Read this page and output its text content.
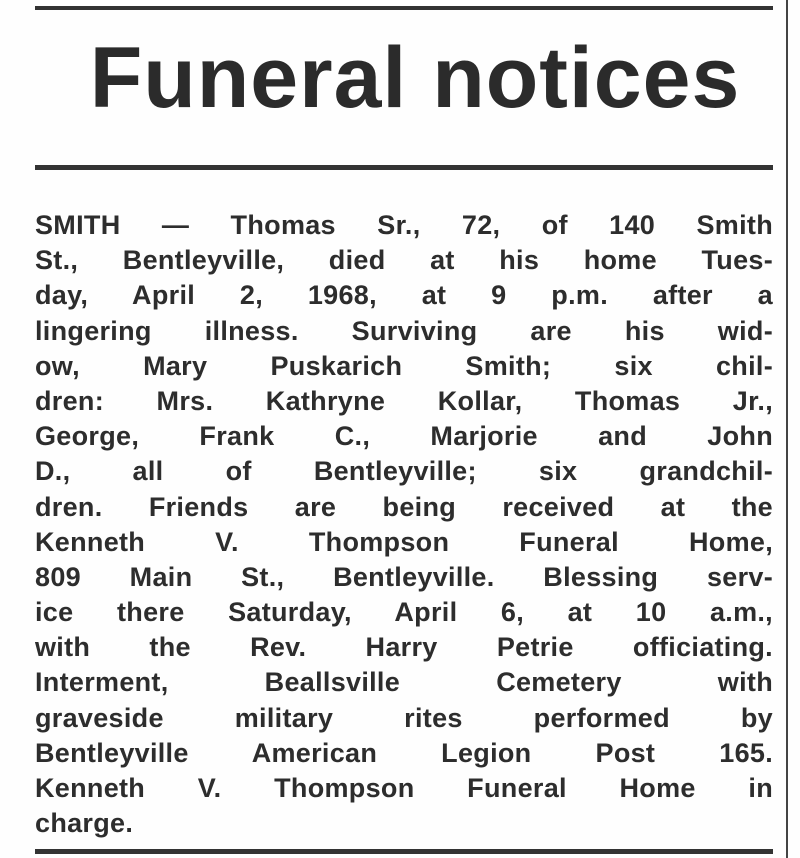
Funeral notices
SMITH — Thomas Sr., 72, of 140 Smith
St., Bentleyville, died at his home Tues-
day, April 2, 1968, at 9 p.m. after a
lingering illness. Surviving are his wid-
ow, Mary Puskarich Smith; six chil-
dren: Mrs. Kathryne Kollar, Thomas Jr.,
George, Frank C., Marjorie and John
D., all of Bentleyville; six grandchil-
dren. Friends are being received at the
Kenneth V. Thompson Funeral Home,
809 Main St., Bentleyville. Blessing serv-
ice there Saturday, April 6, at 10 a.m.,
with the Rev. Harry Petrie officiating.
Interment, Beallsville Cemetery with
graveside military rites performed by
Bentleyville American Legion Post 165.
Kenneth V. Thompson Funeral Home in
charge.
